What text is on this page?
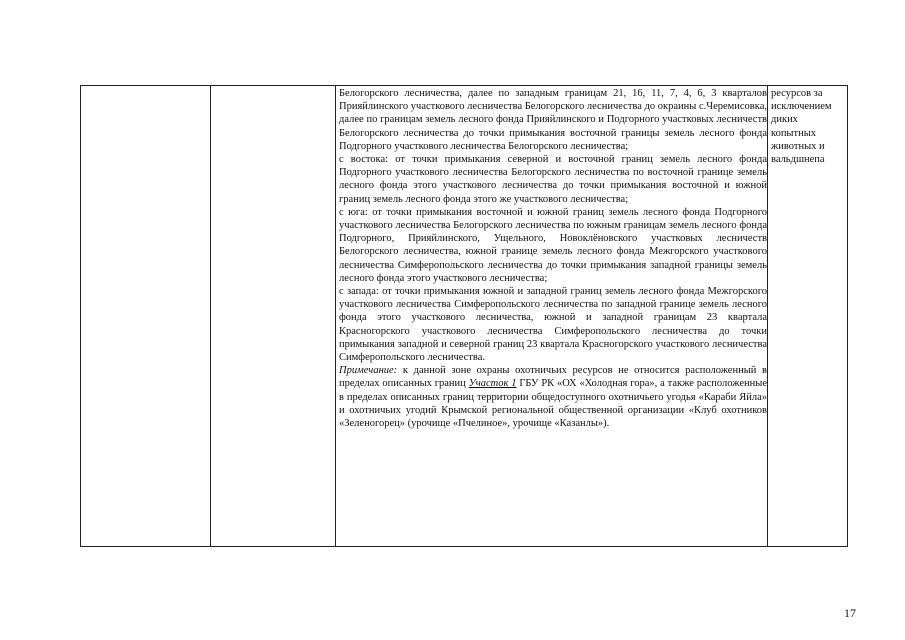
Белогорского лесничества, далее по западным границам 21, 16, 11, 7, 4, 6, 3 кварталов Прияйлинского участкового лесничества Белогорского лесничества до окраины с.Черемисовка, далее по границам земель лесного фонда Прияйлинского и Подгорного участковых лесничеств Белогорского лесничества до точки примыкания восточной границы земель лесного фонда Подгорного участкового лесничества Белогорского лесничества;

с востока: от точки примыкания северной и восточной границ земель лесного фонда Подгорного участкового лесничества Белогорского лесничества по восточной границе земель лесного фонда этого участкового лесничества до точки примыкания восточной и южной границ земель лесного фонда этого же участкового лесничества;

с юга: от точки примыкания восточной и южной границ земель лесного фонда Подгорного участкового лесничества Белогорского лесничества по южным границам земель лесного фонда Подгорного, Прияйлинского, Ущельного, Новоклёновского участковых лесничеств Белогорского лесничества, южной границе земель лесного фонда Межгорского участкового лесничества Симферопольского лесничества до точки примыкания западной границы земель лесного фонда этого участкового лесничества;

с запада: от точки примыкания южной и западной границ земель лесного фонда Межгорского участкового лесничества Симферопольского лесничества по западной границе земель лесного фонда этого участкового лесничества, южной и западной границам 23 квартала Красногорского участкового лесничества Симферопольского лесничества до точки примыкания западной и северной границ 23 квартала Красногорского участкового лесничества Симферопольского лесничества.

Примечание: к данной зоне охраны охотничьих ресурсов не относится расположенный в пределах описанных границ Участок 1 ГБУ РК «ОХ «Холодная гора», а также расположенные в пределах описанных границ территории общедоступного охотничьего угодья «Караби Яйла» и охотничьих угодий Крымской региональной общественной организации «Клуб охотников «Зеленогорец» (урочище «Пчелиное», урочище «Казанлы»).

ресурсов за исключением диких копытных животных и вальдшнепа
17
